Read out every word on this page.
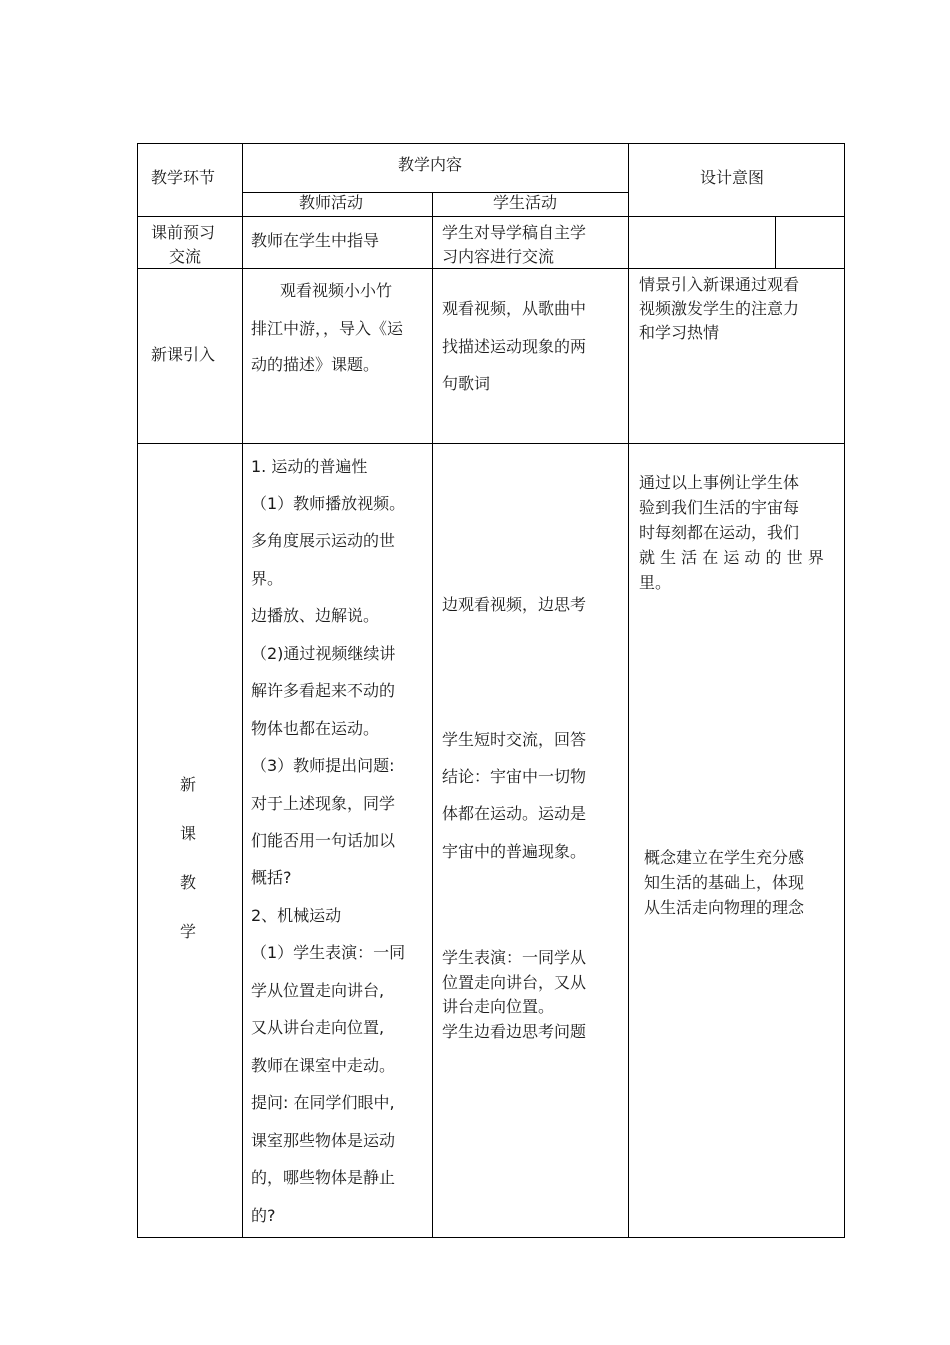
教学环节
教学内容
设计意图
教师活动	学生活动
课前预习
交流
教师在学生中指导	学生对导学稿自主学
习内容进行交流
新课引入
观看视频小小竹
排江中游，，导入《运
动的描述》课题。
观看视频，从歌曲中
找描述运动现象的两
句歌词
情景引入新课通过观看
视频激发学生的注意力
和学习热情
新
课
教
学
1. 运动的普遍性
（1）教师播放视频。
多角度展示运动的世
界。
边播放、边解说。
（2)通过视频继续讲
解许多看起来不动的
物体也都在运动。
（3）教师提出问题:
对于上述现象，同学
们能否用一句话加以
概括?
2、机械运动
（1）学生表演：一同
学从位置走向讲台,
又从讲台走向位置,
教师在课室中走动。
提问: 在同学们眼中,
课室那些物体是运动
的，哪些物体是静止
的?
边观看视频，边思考
学生短时交流，回答
结论：宇宙中一切物
体都在运动。运动是
宇宙中的普遍现象。
学生表演：一同学从
位置走向讲台，又从
讲台走向位置。
学生边看边思考问题
通过以上事例让学生体
验到我们生活的宇宙每
时每刻都在运动，我们
就 生 活 在 运 动 的 世 界
里。
概念建立在学生充分感
知生活的基础上，体现
从生活走向物理的理念
